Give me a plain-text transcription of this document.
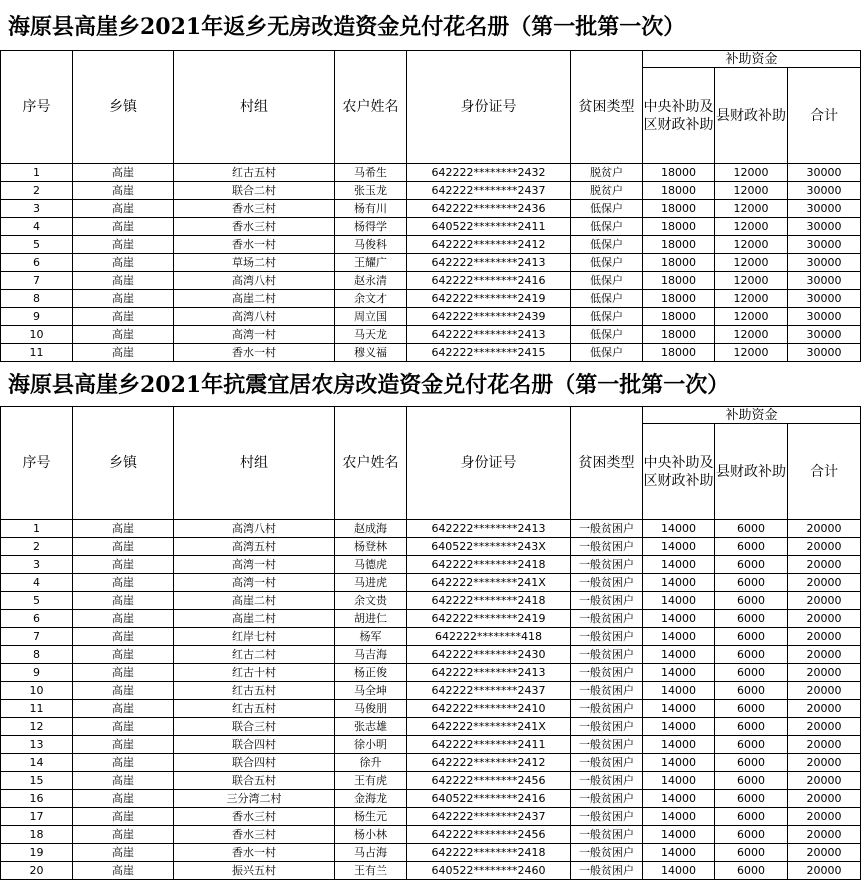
海原县高崖乡2021年返乡无房改造资金兑付花名册（第一批第一次）
序号	乡镇	村组	农户姓名	身份证号	贫困类型	补助资金		
						中央补助及区财政补助	县财政补助	合计
1	高崖	红古五村	马希生	642222********2432	脱贫户	18000	12000	30000
2	高崖	联合二村	张玉龙	642222********2437	脱贫户	18000	12000	30000
3	高崖	香水三村	杨有川	642222********2436	低保户	18000	12000	30000
4	高崖	香水三村	杨得学	640522********2411	低保户	18000	12000	30000
5	高崖	香水一村	马俊科	642222********2412	低保户	18000	12000	30000
6	高崖	草场二村	王耀广	642222********2413	低保户	18000	12000	30000
7	高崖	高湾八村	赵永清	642222********2416	低保户	18000	12000	30000
8	高崖	高崖二村	余文才	642222********2419	低保户	18000	12000	30000
9	高崖	高湾八村	周立国	642222********2439	低保户	18000	12000	30000
10	高崖	高湾一村	马天龙	642222********2413	低保户	18000	12000	30000
11	高崖	香水一村	穆义福	642222********2415	低保户	18000	12000	30000
海原县高崖乡2021年抗震宜居农房改造资金兑付花名册（第一批第一次）
序号	乡镇	村组	农户姓名	身份证号	贫困类型	补助资金		
						中央补助及区财政补助	县财政补助	合计
1	高崖	高湾八村	赵成海	642222********2413	一般贫困户	14000	6000	20000
2	高崖	高湾五村	杨登林	640522********243X	一般贫困户	14000	6000	20000
3	高崖	高湾一村	马德虎	642222********2418	一般贫困户	14000	6000	20000
4	高崖	高湾一村	马进虎	642222********241X	一般贫困户	14000	6000	20000
5	高崖	高崖二村	余文贵	642222********2418	一般贫困户	14000	6000	20000
6	高崖	高崖二村	胡进仁	642222********2419	一般贫困户	14000	6000	20000
7	高崖	红岸七村	杨军	642222********418	一般贫困户	14000	6000	20000
8	高崖	红古二村	马吉海	642222********2430	一般贫困户	14000	6000	20000
9	高崖	红古十村	杨正俊	642222********2413	一般贫困户	14000	6000	20000
10	高崖	红古五村	马全坤	642222********2437	一般贫困户	14000	6000	20000
11	高崖	红古五村	马俊朋	642222********2410	一般贫困户	14000	6000	20000
12	高崖	联合三村	张志雄	642222********241X	一般贫困户	14000	6000	20000
13	高崖	联合四村	徐小明	642222********2411	一般贫困户	14000	6000	20000
14	高崖	联合四村	徐升	642222********2412	一般贫困户	14000	6000	20000
15	高崖	联合五村	王有虎	642222********2456	一般贫困户	14000	6000	20000
16	高崖	三分湾二村	金海龙	640522********2416	一般贫困户	14000	6000	20000
17	高崖	香水三村	杨生元	642222********2437	一般贫困户	14000	6000	20000
18	高崖	香水三村	杨小林	642222********2456	一般贫困户	14000	6000	20000
19	高崖	香水一村	马占海	642222********2418	一般贫困户	14000	6000	20000
20	高崖	振兴五村	王有兰	640522********2460	一般贫困户	14000	6000	20000
